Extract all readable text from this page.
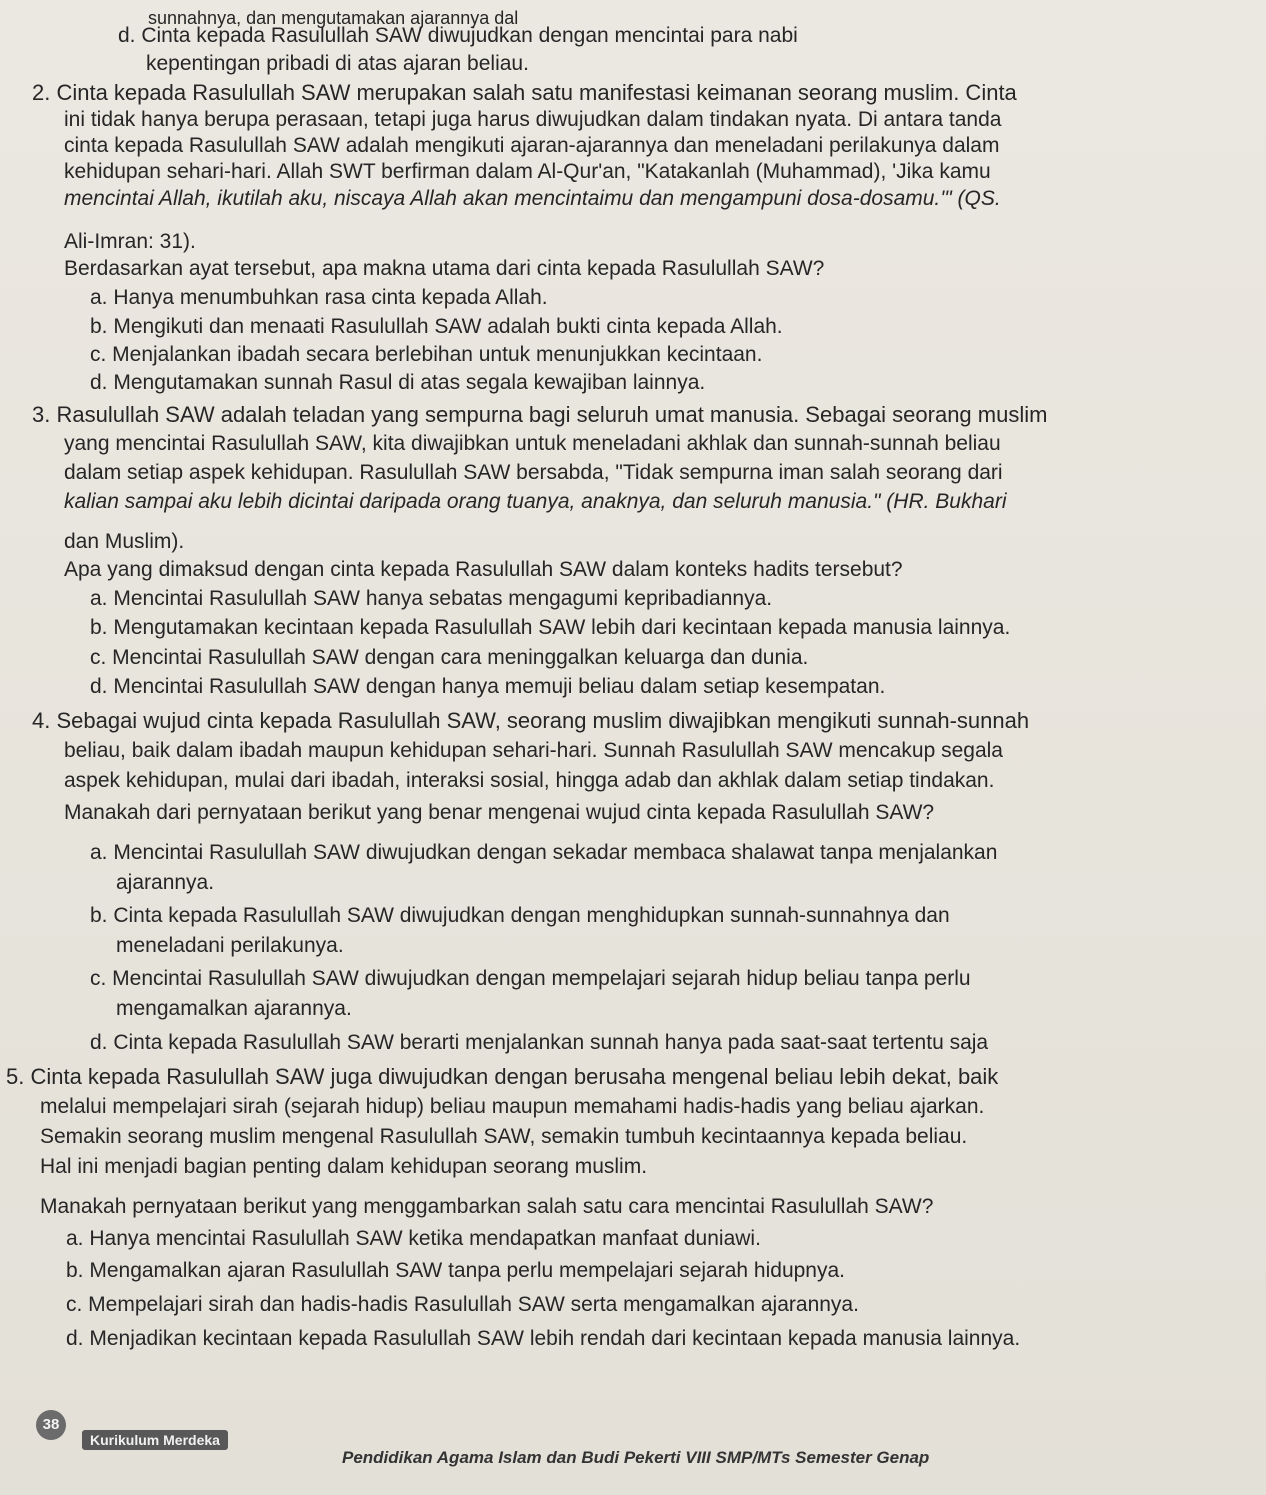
sunnahnya, dan mengutamakan ajarannya dal
d. Cinta kepada Rasulullah SAW diwujudkan dengan mencintai para nabi
kepentingan pribadi di atas ajaran beliau.
2. Cinta kepada Rasulullah SAW merupakan salah satu manifestasi keimanan seorang muslim. Cinta
ini tidak hanya berupa perasaan, tetapi juga harus diwujudkan dalam tindakan nyata. Di antara tanda
cinta kepada Rasulullah SAW adalah mengikuti ajaran-ajarannya dan meneladani perilakunya dalam
kehidupan sehari-hari. Allah SWT berfirman dalam Al-Qur'an, "Katakanlah (Muhammad), 'Jika kamu
mencintai Allah, ikutilah aku, niscaya Allah akan mencintaimu dan mengampuni dosa-dosamu.'" (QS.
Ali-Imran: 31).
Berdasarkan ayat tersebut, apa makna utama dari cinta kepada Rasulullah SAW?
a. Hanya menumbuhkan rasa cinta kepada Allah.
b. Mengikuti dan menaati Rasulullah SAW adalah bukti cinta kepada Allah.
c. Menjalankan ibadah secara berlebihan untuk menunjukkan kecintaan.
d. Mengutamakan sunnah Rasul di atas segala kewajiban lainnya.
3. Rasulullah SAW adalah teladan yang sempurna bagi seluruh umat manusia. Sebagai seorang muslim
yang mencintai Rasulullah SAW, kita diwajibkan untuk meneladani akhlak dan sunnah-sunnah beliau
dalam setiap aspek kehidupan. Rasulullah SAW bersabda, "Tidak sempurna iman salah seorang dari
kalian sampai aku lebih dicintai daripada orang tuanya, anaknya, dan seluruh manusia." (HR. Bukhari
dan Muslim).
Apa yang dimaksud dengan cinta kepada Rasulullah SAW dalam konteks hadits tersebut?
a. Mencintai Rasulullah SAW hanya sebatas mengagumi kepribadiannya.
b. Mengutamakan kecintaan kepada Rasulullah SAW lebih dari kecintaan kepada manusia lainnya.
c. Mencintai Rasulullah SAW dengan cara meninggalkan keluarga dan dunia.
d. Mencintai Rasulullah SAW dengan hanya memuji beliau dalam setiap kesempatan.
4. Sebagai wujud cinta kepada Rasulullah SAW, seorang muslim diwajibkan mengikuti sunnah-sunnah
beliau, baik dalam ibadah maupun kehidupan sehari-hari. Sunnah Rasulullah SAW mencakup segala
aspek kehidupan, mulai dari ibadah, interaksi sosial, hingga adab dan akhlak dalam setiap tindakan.
Manakah dari pernyataan berikut yang benar mengenai wujud cinta kepada Rasulullah SAW?
a. Mencintai Rasulullah SAW diwujudkan dengan sekadar membaca shalawat tanpa menjalankan
ajarannya.
b. Cinta kepada Rasulullah SAW diwujudkan dengan menghidupkan sunnah-sunnahnya dan
meneladani perilakunya.
c. Mencintai Rasulullah SAW diwujudkan dengan mempelajari sejarah hidup beliau tanpa perlu
mengamalkan ajarannya.
d. Cinta kepada Rasulullah SAW berarti menjalankan sunnah hanya pada saat-saat tertentu saja
5. Cinta kepada Rasulullah SAW juga diwujudkan dengan berusaha mengenal beliau lebih dekat, baik
melalui mempelajari sirah (sejarah hidup) beliau maupun memahami hadis-hadis yang beliau ajarkan.
Semakin seorang muslim mengenal Rasulullah SAW, semakin tumbuh kecintaannya kepada beliau.
Hal ini menjadi bagian penting dalam kehidupan seorang muslim.
Manakah pernyataan berikut yang menggambarkan salah satu cara mencintai Rasulullah SAW?
a. Hanya mencintai Rasulullah SAW ketika mendapatkan manfaat duniawi.
b. Mengamalkan ajaran Rasulullah SAW tanpa perlu mempelajari sejarah hidupnya.
c. Mempelajari sirah dan hadis-hadis Rasulullah SAW serta mengamalkan ajarannya.
d. Menjadikan kecintaan kepada Rasulullah SAW lebih rendah dari kecintaan kepada manusia lainnya.
38
Kurikulum Merdeka
Pendidikan Agama Islam dan Budi Pekerti VIII SMP/MTs Semester Genap
